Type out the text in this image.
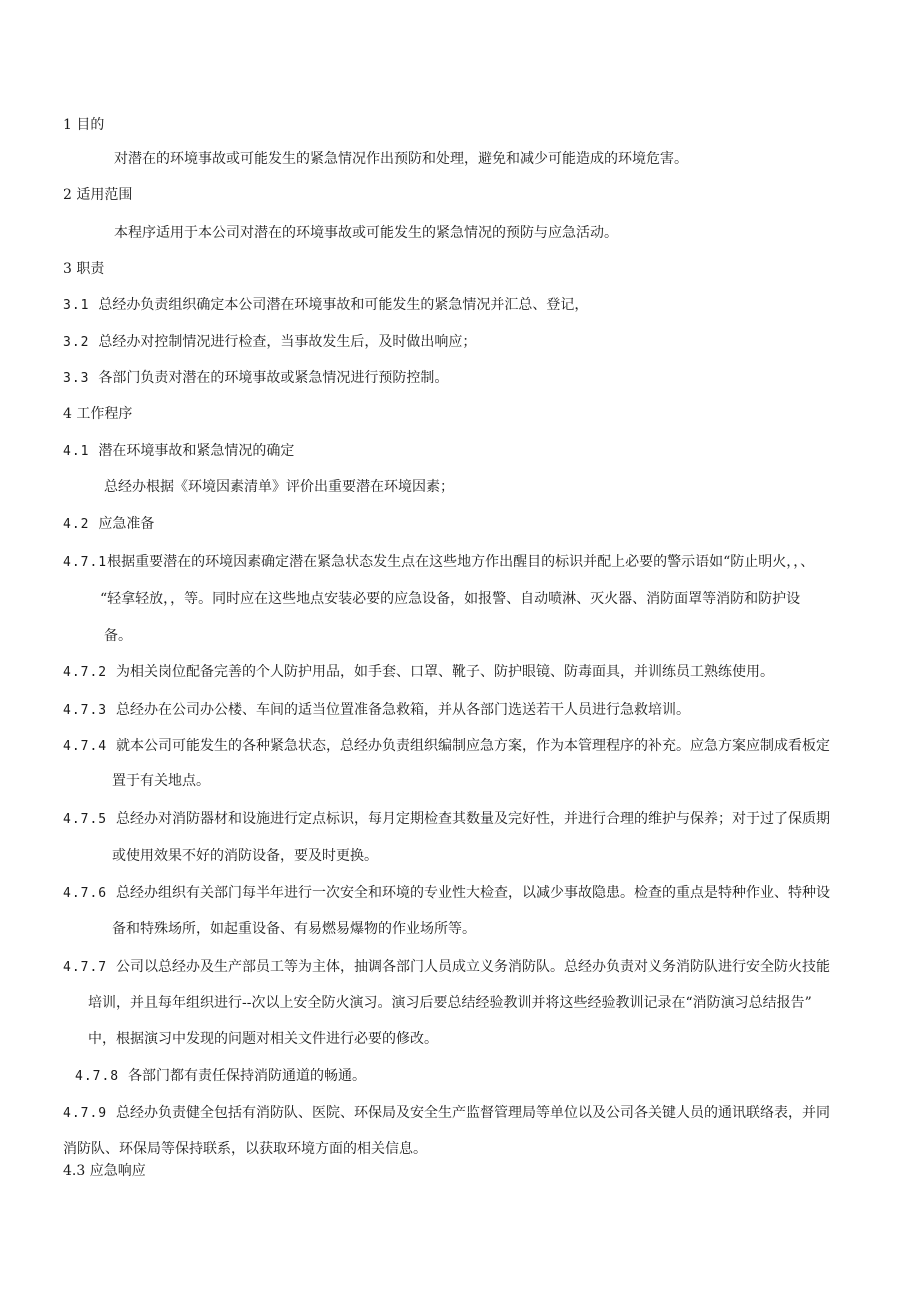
1 目的
对潜在的环境事故或可能发生的紧急情况作出预防和处理，避免和减少可能造成的环境危害。
2 适用范围
本程序适用于本公司对潜在的环境事故或可能发生的紧急情况的预防与应急活动。
3 职责
3.1 总经办负责组织确定本公司潜在环境事故和可能发生的紧急情况并汇总、登记，
3.2 总经办对控制情况进行检查，当事故发生后，及时做出响应；
3.3 各部门负责对潜在的环境事故或紧急情况进行预防控制。
4 工作程序
4.1 潜在环境事故和紧急情况的确定
总经办根据《环境因素清单》评价出重要潜在环境因素；
4.2 应急准备
4.7.1根据重要潜在的环境因素确定潜在紧急状态发生点在这些地方作出醒目的标识并配上必要的警示语如“防止明火，，、
“轻拿轻放，，等。同时应在这些地点安装必要的应急设备，如报警、自动喷淋、灭火器、消防面罩等消防和防护设
备。
4.7.2 为相关岗位配备完善的个人防护用品，如手套、口罩、靴子、防护眼镜、防毒面具，并训练员工熟练使用。
4.7.3 总经办在公司办公楼、车间的适当位置准备急救箱，并从各部门选送若干人员进行急救培训。
4.7.4 就本公司可能发生的各种紧急状态，总经办负责组织编制应急方案，作为本管理程序的补充。应急方案应制成看板定
置于有关地点。
4.7.5 总经办对消防器材和设施进行定点标识，每月定期检查其数量及完好性，并进行合理的维护与保养；对于过了保质期
或使用效果不好的消防设备，要及时更换。
4.7.6 总经办组织有关部门每半年进行一次安全和环境的专业性大检查，以减少事故隐患。检查的重点是特种作业、特种设
备和特殊场所，如起重设备、有易燃易爆物的作业场所等。
4.7.7 公司以总经办及生产部员工等为主体，抽调各部门人员成立义务消防队。总经办负责对义务消防队进行安全防火技能
培训，并且每年组织进行--次以上安全防火演习。演习后要总结经验教训并将这些经验教训记录在“消防演习总结报告”
中，根据演习中发现的问题对相关文件进行必要的修改。
4.7.8 各部门都有责任保持消防通道的畅通。
4.7.9 总经办负责健全包括有消防队、医院、环保局及安全生产监督管理局等单位以及公司各关键人员的通讯联络表，并同
消防队、环保局等保持联系，以获取环境方面的相关信息。
4.3 应急响应
